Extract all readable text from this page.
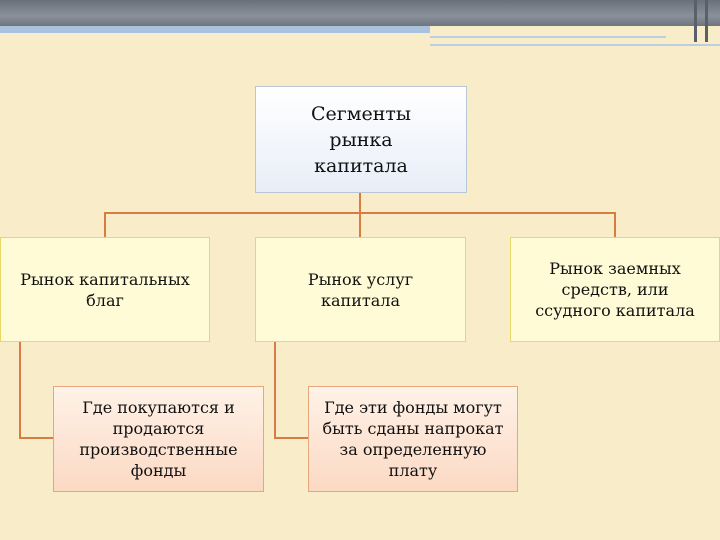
Сегменты
рынка
капитала
Рынок капитальных
благ
Рынок услуг
капитала
Рынок заемных
средств, или
ссудного капитала
Где покупаются и
продаются
производственные
фонды
Где эти фонды могут
быть сданы напрокат
за определенную
плату
